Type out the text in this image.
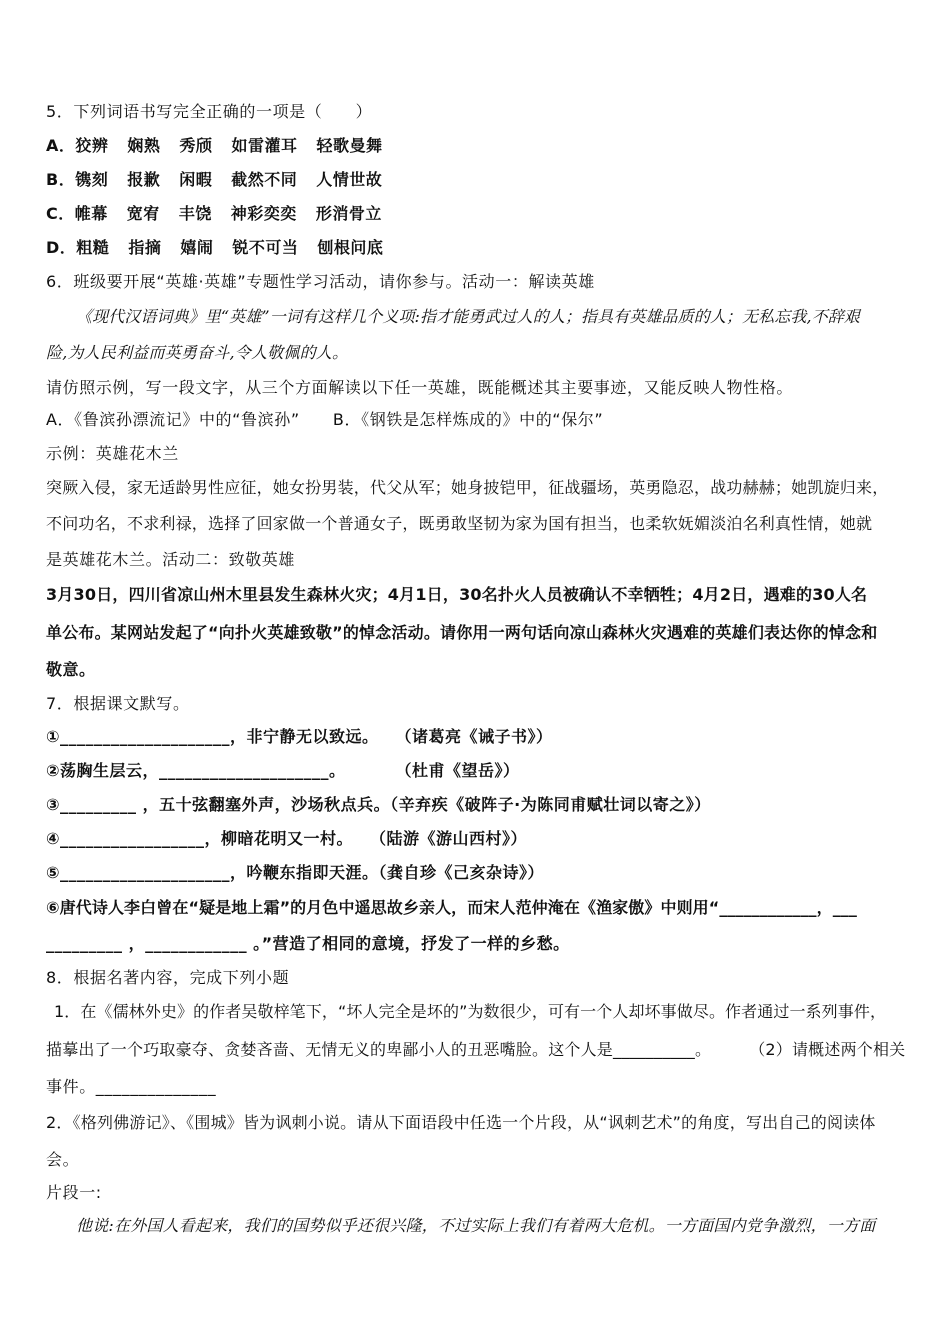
5．下列词语书写完全正确的一项是（　　）
A．狡辨 娴熟 秀颀 如雷灌耳 轻歌曼舞
B．镌刻 报歉 闲暇 截然不同 人情世故
C．帷幕 宽宥 丰饶 神彩奕奕 形消骨立
D．粗糙 指摘 嬉闹 锐不可当 刨根问底
6．班级要开展“英雄·英雄”专题性学习活动，请你参与。活动一：解读英雄
《现代汉语词典》里“英雄”一词有这样几个义项:指才能勇武过人的人；指具有英雄品质的人；无私忘我,不辞艰
险,为人民利益而英勇奋斗,令人敬佩的人。
请仿照示例，写一段文字，从三个方面解读以下任一英雄，既能概述其主要事迹，又能反映人物性格。
A．《鲁滨孙漂流记》中的“鲁滨孙”　　B．《钢铁是怎样炼成的》中的“保尔”
示例：英雄花木兰
突厥入侵，家无适龄男性应征，她女扮男装，代父从军；她身披铠甲，征战疆场，英勇隐忍，战功赫赫；她凯旋归来，
不问功名，不求利禄，选择了回家做一个普通女子，既勇敢坚韧为家为国有担当，也柔软妩媚淡泊名利真性情，她就
是英雄花木兰。活动二：致敬英雄
3月30日，四川省凉山州木里县发生森林火灾；4月1日，30名扑火人员被确认不幸牺牲；4月2日，遇难的30人名
单公布。某网站发起了“向扑火英雄致敬”的悼念活动。请你用一两句话向凉山森林火灾遇难的英雄们表达你的悼念和
敬意。
7．根据课文默写。
①____________________，非宁静无以致远。　　（诸葛亮《诫子书》）
②荡胸生层云，____________________。　　　　（杜甫《望岳》）
③_________ ，五十弦翻塞外声，沙场秋点兵。（辛弃疾《破阵子·为陈同甫赋壮词以寄之》）
④_________________，柳暗花明又一村。　　（陆游《游山西村》）
⑤____________________，吟鞭东指即天涯。（龚自珍《己亥杂诗》）
⑥唐代诗人李白曾在“疑是地上霜”的月色中遥思故乡亲人，而宋人范仲淹在《渔家傲》中则用“____________，___
_________ ，____________ 。”营造了相同的意境，抒发了一样的乡愁。
8．根据名著内容，完成下列小题
1．在《儒林外史》的作者吴敬梓笔下，“坏人完全是坏的”为数很少，可有一个人却坏事做尽。作者通过一系列事件，
描摹出了一个巧取豪夺、贪婪吝啬、无情无义的卑鄙小人的丑恶嘴脸。这个人是__________。 （2）请概述两个相关
事件。______________
2．《格列佛游记》、《围城》皆为讽刺小说。请从下面语段中任选一个片段，从“讽刺艺术”的角度，写出自己的阅读体
会。
片段一:
他说:在外国人看起来，我们的国势似乎还很兴隆，不过实际上我们有着两大危机。一方面国内党争激烈，一方面
